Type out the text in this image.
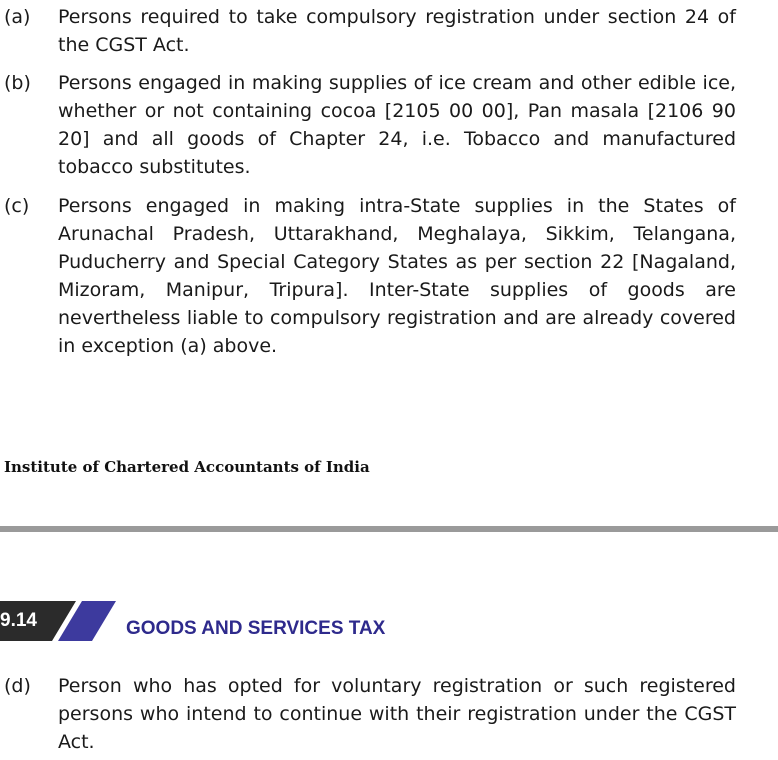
(a) Persons required to take compulsory registration under section 24 of the CGST Act.
(b) Persons engaged in making supplies of ice cream and other edible ice, whether or not containing cocoa [2105 00 00], Pan masala [2106 90 20] and all goods of Chapter 24, i.e. Tobacco and manufactured tobacco substitutes.
(c) Persons engaged in making intra-State supplies in the States of Arunachal Pradesh, Uttarakhand, Meghalaya, Sikkim, Telangana, Puducherry and Special Category States as per section 22 [Nagaland, Mizoram, Manipur, Tripura]. Inter-State supplies of goods are nevertheless liable to compulsory registration and are already covered in exception (a) above.
Institute of Chartered Accountants of India
9.14	GOODS AND SERVICES TAX
(d) Person who has opted for voluntary registration or such registered persons who intend to continue with their registration under the CGST Act.
